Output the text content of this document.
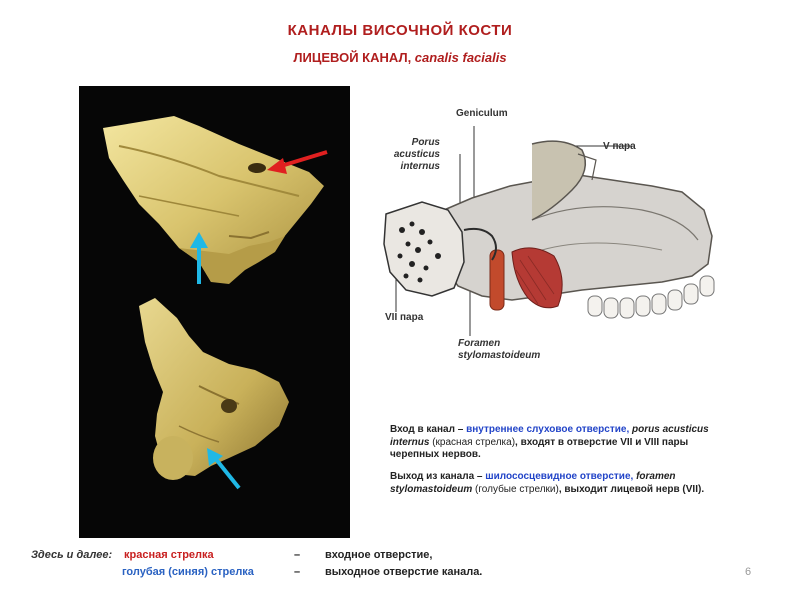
КАНАЛЫ ВИСОЧНОЙ КОСТИ
ЛИЦЕВОЙ КАНАЛ, canalis facialis
Geniculum
Porus
acusticus
internus
V пара
VII пара
Foramen
stylomastoideum
Вход в канал – внутреннее слуховое отверстие, porus acusticus internus (красная стрелка), входят в отверстие VII и VIII пары черепных нервов.
Выход из канала – шилососцевидное отверстие, foramen stylomastoideum (голубые стрелки), выходит лицевой нерв (VII).
Здесь и далее: красная стрелка
голубая (синяя) стрелка
–
–
входное отверстие,
выходное отверстие канала.	6
